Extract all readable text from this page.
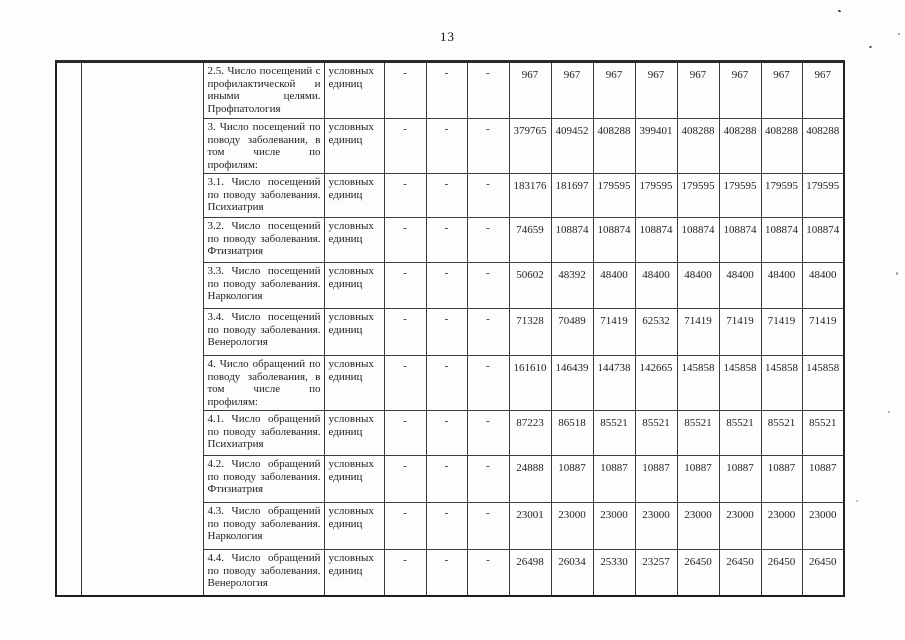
13
		2.5. Число посещений с профилактической и иными целями. Профпатология	условных единиц	-	-	-	967	967	967	967	967	967	967	967
		3. Число посещений по поводу заболевания, в том числе по профилям:	условных единиц	-	-	-	379765	409452	408288	399401	408288	408288	408288	408288
		3.1. Число посещений по поводу заболевания. Психиатрия	условных единиц	-	-	-	183176	181697	179595	179595	179595	179595	179595	179595
		3.2. Число посещений по поводу заболевания. Фтизиатрия	условных единиц	-	-	-	74659	108874	108874	108874	108874	108874	108874	108874
		3.3. Число посещений по поводу заболевания. Наркология	условных единиц	-	-	-	50602	48392	48400	48400	48400	48400	48400	48400
		3.4. Число посещений по поводу заболевания. Венерология	условных единиц	-	-	-	71328	70489	71419	62532	71419	71419	71419	71419
		4. Число обращений по поводу заболевания, в том числе по профилям:	условных единиц	-	-	-	161610	146439	144738	142665	145858	145858	145858	145858
		4.1. Число обращений по поводу заболевания. Психиатрия	условных единиц	-	-	-	87223	86518	85521	85521	85521	85521	85521	85521
		4.2. Число обращений по поводу заболевания. Фтизиатрия	условных единиц	-	-	-	24888	10887	10887	10887	10887	10887	10887	10887
		4.3. Число обращений по поводу заболевания. Наркология	условных единиц	-	-	-	23001	23000	23000	23000	23000	23000	23000	23000
		4.4. Число обращений по поводу заболевания. Венерология	условных единиц	-	-	-	26498	26034	25330	23257	26450	26450	26450	26450
